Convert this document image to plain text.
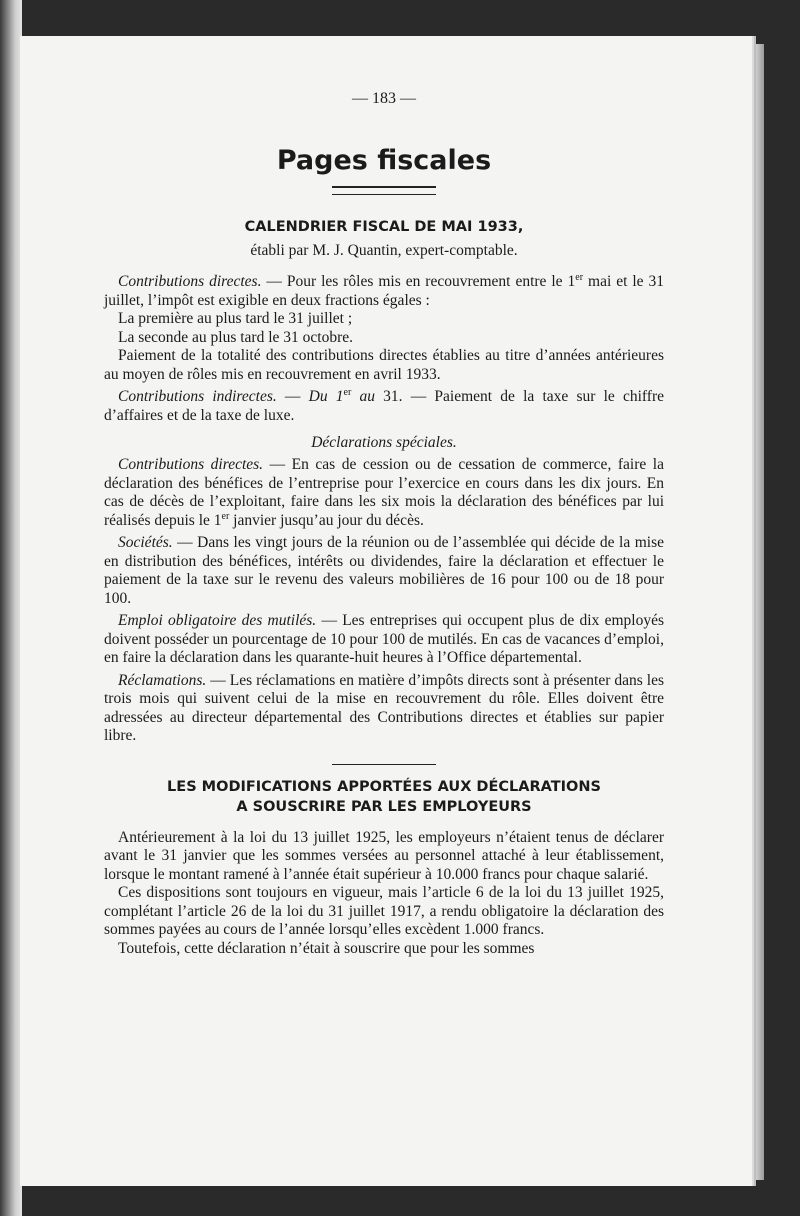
— 183 —
Pages fiscales
CALENDRIER FISCAL DE MAI 1933,
établi par M. J. Quantin, expert-comptable.

Contributions directes. — Pour les rôles mis en recouvrement entre le 1er mai et le 31 juillet, l’impôt est exigible en deux fractions égales :

La première au plus tard le 31 juillet ;

La seconde au plus tard le 31 octobre.

Paiement de la totalité des contributions directes établies au titre d’années antérieures au moyen de rôles mis en recouvrement en avril 1933.

Contributions indirectes. — Du 1er au 31. — Paiement de la taxe sur le chiffre d’affaires et de la taxe de luxe.

Déclarations spéciales.

Contributions directes. — En cas de cession ou de cessation de commerce, faire la déclaration des bénéfices de l’entreprise pour l’exercice en cours dans les dix jours. En cas de décès de l’exploitant, faire dans les six mois la déclaration des bénéfices par lui réalisés depuis le 1er janvier jusqu’au jour du décès.

Sociétés. — Dans les vingt jours de la réunion ou de l’assemblée qui décide de la mise en distribution des bénéfices, intérêts ou dividendes, faire la déclaration et effectuer le paiement de la taxe sur le revenu des valeurs mobilières de 16 pour 100 ou de 18 pour 100.

Emploi obligatoire des mutilés. — Les entreprises qui occupent plus de dix employés doivent posséder un pourcentage de 10 pour 100 de mutilés. En cas de vacances d’emploi, en faire la déclaration dans les quarante-huit heures à l’Office départemental.

Réclamations. — Les réclamations en matière d’impôts directs sont à présenter dans les trois mois qui suivent celui de la mise en recouvrement du rôle. Elles doivent être adressées au directeur départemental des Contributions directes et établies sur papier libre.

LES MODIFICATIONS APPORTÉES AUX DÉCLARATIONS
A SOUSCRIRE PAR LES EMPLOYEURS

Antérieurement à la loi du 13 juillet 1925, les employeurs n’étaient tenus de déclarer avant le 31 janvier que les sommes versées au personnel attaché à leur établissement, lorsque le montant ramené à l’année était supérieur à 10.000 francs pour chaque salarié.

Ces dispositions sont toujours en vigueur, mais l’article 6 de la loi du 13 juillet 1925, complétant l’article 26 de la loi du 31 juillet 1917, a rendu obligatoire la déclaration des sommes payées au cours de l’année lorsqu’elles excèdent 1.000 francs.

Toutefois, cette déclaration n’était à souscrire que pour les sommes
